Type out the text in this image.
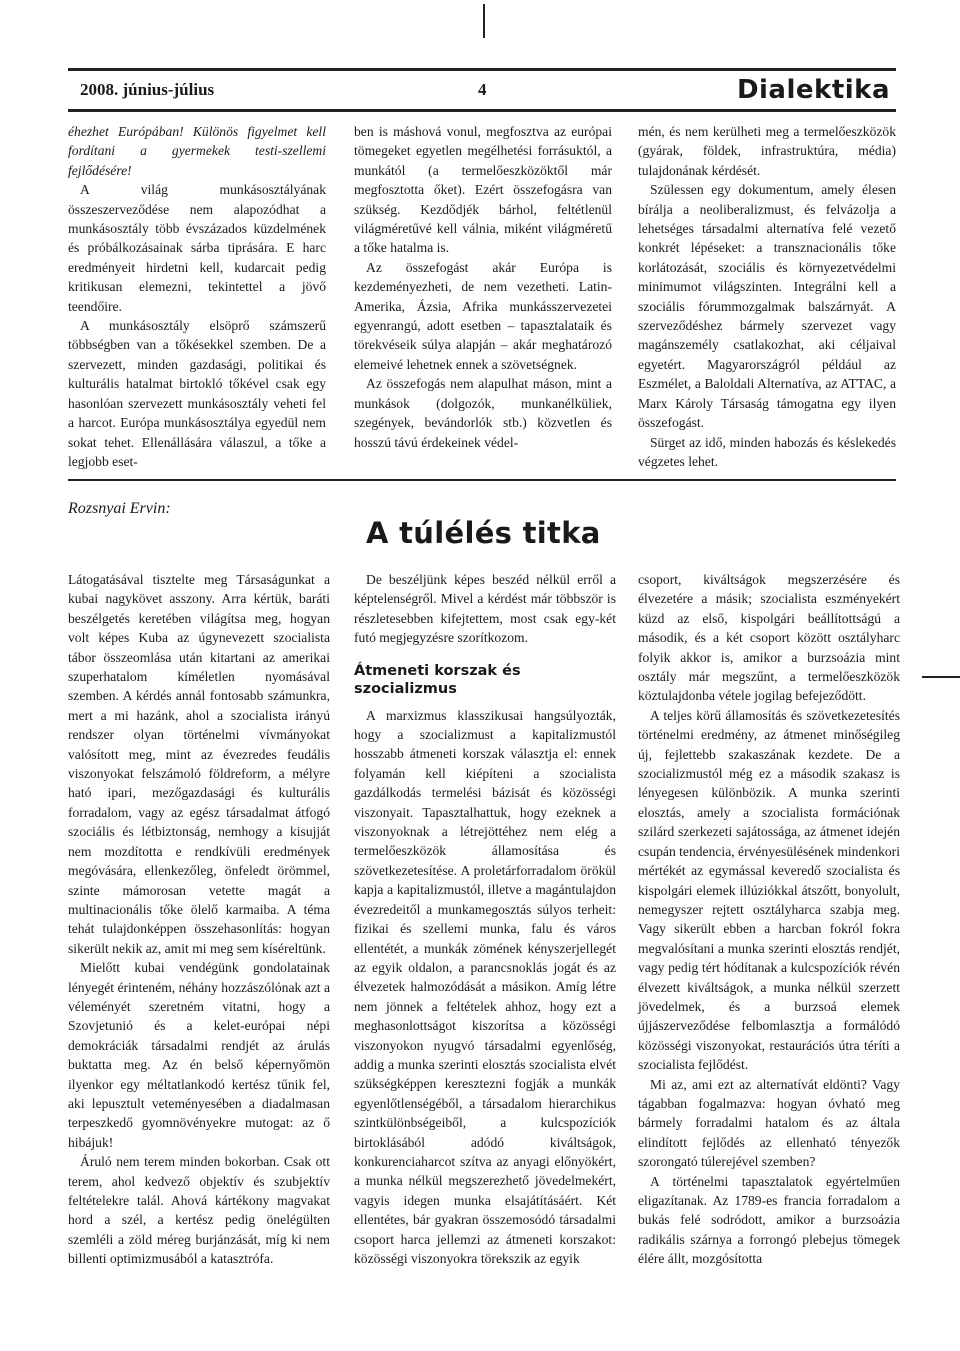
2008. június-július	4	Dialektika

éhezhet Európában! Különös figyelmet kell fordítani a gyermekek testi-szellemi fejlődésére!

A világ munkásosztályának összeszerveződése nem alapozódhat a munkásosztály több évszázados küzdelmének és próbálkozásainak sárba tiprására. E harc eredményeit hirdetni kell, kudarcait pedig kritikusan elemezni, tekintettel a jövő teendőire.

A munkásosztály elsöprő számszerű többségben van a tőkésekkel szemben. De a szervezett, minden gazdasági, politikai és kulturális hatalmat birtokló tőkével csak egy hasonlóan szervezett munkásosztály veheti fel a harcot. Európa munkásosztálya egyedül nem sokat tehet. Ellenállására válaszul, a tőke a legjobb eset-

ben is máshová vonul, megfosztva az európai tömegeket egyetlen megélhetési forrásuktól, a munkától (a termelőeszközöktől már megfosztotta őket). Ezért összefogásra van szükség. Kezdődjék bárhol, feltétlenül világméretűvé kell válnia, miként világméretű a tőke hatalma is.

Az összefogást akár Európa is kezdeményezheti, de nem vezetheti. Latin-Amerika, Ázsia, Afrika munkásszervezetei egyenrangú, adott esetben – tapasztalataik és törekvéseik súlya alapján – akár meghatározó elemeivé lehetnek ennek a szövetségnek.

Az összefogás nem alapulhat máson, mint a munkások (dolgozók, munkanélküliek, szegények, bevándorlók stb.) közvetlen és hosszú távú érdekeinek védel-

mén, és nem kerülheti meg a termelőeszközök (gyárak, földek, infrastruktúra, média) tulajdonának kérdését.

Szülessen egy dokumentum, amely élesen bírálja a neoliberalizmust, és felvázolja a lehetséges társadalmi alternatíva felé vezető konkrét lépéseket: a transznacionális tőke korlátozását, szociális és környezetvédelmi minimumot világszinten. Integrálni kell a szociális fórummozgalmak balszárnyát. A szerveződéshez bármely szervezet vagy magánszemély csatlakozhat, aki céljaival egyetért. Magyarországról például az Eszmélet, a Baloldali Alternatíva, az ATTAC, a Marx Károly Társaság támogatna egy ilyen összefogást.

Sürget az idő, minden habozás és késlekedés végzetes lehet.

Rozsnyai Ervin:
A túlélés titka

Látogatásával tisztelte meg Társaságunkat a kubai nagykövet asszony. Arra kértük, baráti beszélgetés keretében világítsa meg, hogyan volt képes Kuba az úgynevezett szocialista tábor összeomlása után kitartani az amerikai szuperhatalom kíméletlen nyomásával szemben. A kérdés annál fontosabb számunkra, mert a mi hazánk, ahol a szocialista irányú rendszer olyan történelmi vívmányokat valósított meg, mint az évezredes feudális viszonyokat felszámoló földreform, a mélyre ható ipari, mezőgazdasági és kulturális forradalom, vagy az egész társadalmat átfogó szociális és létbiztonság, nemhogy a kisujját nem mozdította e rendkívüli eredmények megóvására, ellenkezőleg, önfeledt örömmel, szinte mámorosan vetette magát a multinacionális tőke ölelő karmaiba. A téma tehát tulajdonképpen összehasonlítás: hogyan sikerült nekik az, amit mi meg sem kíséreltünk.

Mielőtt kubai vendégünk gondolatainak lényegét érinteném, néhány hozzászólónak azt a véleményét szeretném vitatni, hogy a Szovjetunió és a kelet-európai népi demokráciák társadalmi rendjét az árulás buktatta meg. Az én belső képernyőmön ilyenkor egy méltatlankodó kertész tűnik fel, aki lepusztult veteményesében a diadalmasan terpeszkedő gyomnövényekre mutogat: az ő hibájuk!

Áruló nem terem minden bokorban. Csak ott terem, ahol kedvező objektív és szubjektív feltételekre talál. Ahová kártékony magvakat hord a szél, a kertész pedig önelégülten szemléli a zöld méreg burjánzását, míg ki nem billenti optimizmusából a katasztrófa.

De beszéljünk képes beszéd nélkül erről a képtelenségről. Mivel a kérdést már többször is részletesebben kifejtettem, most csak egy-két futó megjegyzésre szorítkozom.

Átmeneti korszak és szocializmus

A marxizmus klasszikusai hangsúlyozták, hogy a szocializmust a kapitalizmustól hosszabb átmeneti korszak választja el: ennek folyamán kell kiépíteni a szocialista gazdálkodás termelési bázisát és közösségi viszonyait. Tapasztalhattuk, hogy ezeknek a viszonyoknak a létrejöttéhez nem elég a termelőeszközök államosítása és szövetkezetesítése. A proletárforradalom örökül kapja a kapitalizmustól, illetve a magántulajdon évezredeitől a munkamegosztás súlyos terheit: fizikai és szellemi munka, falu és város ellentétét, a munkák zömének kényszerjellegét az egyik oldalon, a parancsnoklás jogát és az élvezetek halmozódását a másikon. Amíg létre nem jönnek a feltételek ahhoz, hogy ezt a meghasonlottságot kiszorítsa a közösségi viszonyokon nyugvó társadalmi egyenlőség, addig a munka szerinti elosztás szocialista elvét szükségképpen keresztezni fogják a munkák egyenlőtlenségéből, a társadalom hierarchikus szintkülönbségeiből, a kulcspozíciók birtoklásából adódó kiváltságok, konkurenciaharcot szítva az anyagi előnyökért, a munka nélkül megszerezhető jövedelmekért, vagyis idegen munka elsajátításáért. Két ellentétes, bár gyakran összemosódó társadalmi csoport harca jellemzi az átmeneti korszakot: közösségi viszonyokra törekszik az egyik

csoport, kiváltságok megszerzésére és élvezetére a másik; szocialista eszményekért küzd az első, kispolgári beállítottságú a második, és a két csoport között osztályharc folyik akkor is, amikor a burzsoázia mint osztály már megszűnt, a termelőeszközök köztulajdonba vétele jogilag befejeződött.

A teljes körű államosítás és szövetkezetesítés történelmi eredmény, az átmenet minőségileg új, fejlettebb szakaszának kezdete. De a szocializmustól még ez a második szakasz is lényegesen különbözik. A munka szerinti elosztás, amely a szocialista formációnak szilárd szerkezeti sajátossága, az átmenet idején csupán tendencia, érvényesülésének mindenkori mértékét az egymással keveredő szocialista és kispolgári elemek illúziókkal átszőtt, bonyolult, nemegyszer rejtett osztályharca szabja meg. Vagy sikerült ebben a harcban fokról fokra megvalósítani a munka szerinti elosztás rendjét, vagy pedig tért hódítanak a kulcspozíciók révén élvezett kiváltságok, a munka nélkül szerzett jövedelmek, és a burzsoá elemek újjászerveződése felbomlasztja a formálódó közösségi viszonyokat, restaurációs útra téríti a szocialista fejlődést.

Mi az, ami ezt az alternatívát eldönti? Vagy tágabban fogalmazva: hogyan óvható meg bármely forradalmi hatalom és az általa elindított fejlődés az ellenható tényezők szorongató túlerejével szemben?

A történelmi tapasztalatok egyértelműen eligazítanak. Az 1789-es francia forradalom a bukás felé sodródott, amikor a burzsoázia radikális szárnya a forrongó plebejus tömegek élére állt, mozgósította
